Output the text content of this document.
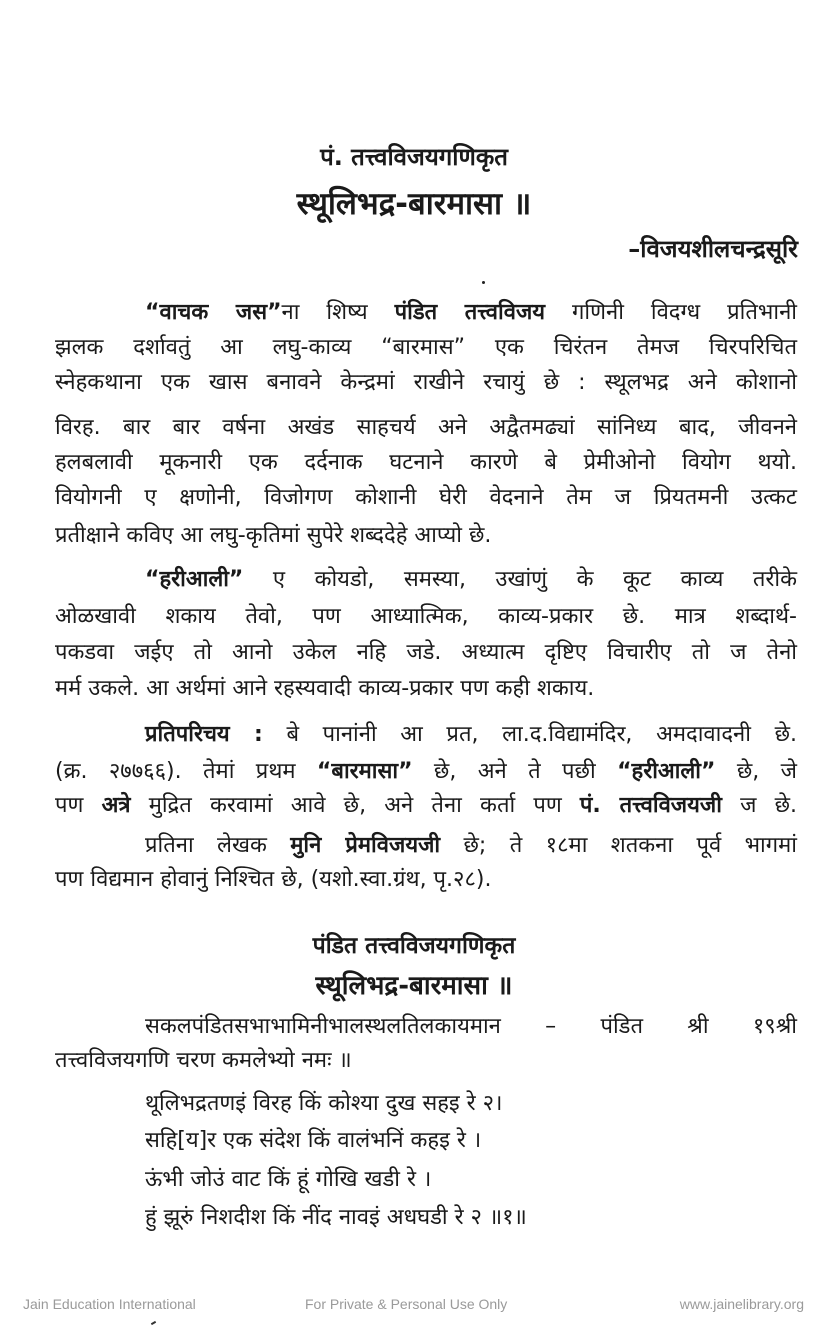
पं. तत्त्वविजयगणिकृत
स्थूलिभद्र-बारमासा ॥
–विजयशीलचन्द्रसूरि
“वाचक जस”ना शिष्य पंडित तत्त्वविजय गणिनी विदग्ध प्रतिभानी
झलक दर्शावतुं आ लघु-काव्य “बारमास” एक चिरंतन तेमज चिरपरिचित
स्नेहकथाना एक खास बनावने केन्द्रमां राखीने रचायुं छे : स्थूलभद्र अने कोशानो
विरह. बार बार वर्षना अखंड साहचर्य अने अद्वैतमढ्यां सांनिध्य बाद, जीवनने
हलबलावी मूकनारी एक दर्दनाक घटनाने कारणे बे प्रेमीओनो वियोग थयो.
वियोगनी ए क्षणोनी, विजोगण कोशानी घेरी वेदनाने तेम ज प्रियतमनी उत्कट
प्रतीक्षाने कविए आ लघु-कृतिमां सुपेरे शब्ददेहे आप्यो छे.
“हरीआली” ए कोयडो, समस्या, उखांणुं के कूट काव्य तरीके
ओळखावी शकाय तेवो, पण आध्यात्मिक, काव्य-प्रकार छे. मात्र शब्दार्थ-
पकडवा जईए तो आनो उकेल नहि जडे. अध्यात्म दृष्टिए विचारीए तो ज तेनो
मर्म उकले. आ अर्थमां आने रहस्यवादी काव्य-प्रकार पण कही शकाय.
प्रतिपरिचय : बे पानांनी आ प्रत, ला.द.विद्यामंदिर, अमदावादनी छे.
(क्र. २७७६६). तेमां प्रथम “बारमासा” छे, अने ते पछी “हरीआली” छे, जे
पण अत्रे मुद्रित करवामां आवे छे, अने तेना कर्ता पण पं. तत्त्वविजयजी ज छे.
प्रतिना लेखक मुनि प्रेमविजयजी छे; ते १८मा शतकना पूर्व भागमां
पण विद्यमान होवानुं निश्चित छे, (यशो.स्वा.ग्रंथ, पृ.२८).
पंडित तत्त्वविजयगणिकृत
स्थूलिभद्र-बारमासा ॥
सकलपंडितसभाभामिनीभालस्थलतिलकायमान – पंडित श्री १९श्री
तत्त्वविजयगणि चरण कमलेभ्यो नमः ॥
थूलिभद्रतणइं विरह किं कोश्या दुख सहइ रे २।
सहि[य]र एक संदेश किं वालंभनिं कहइ रे ।
ऊंभी जोउं वाट किं हूं गोखि खडी रे ।
हुं झूरुं निशदीश किं नींद नावइं अधघडी रे २ ॥१॥
Jain Education International	For Private & Personal Use Only	www.jainelibrary.org
